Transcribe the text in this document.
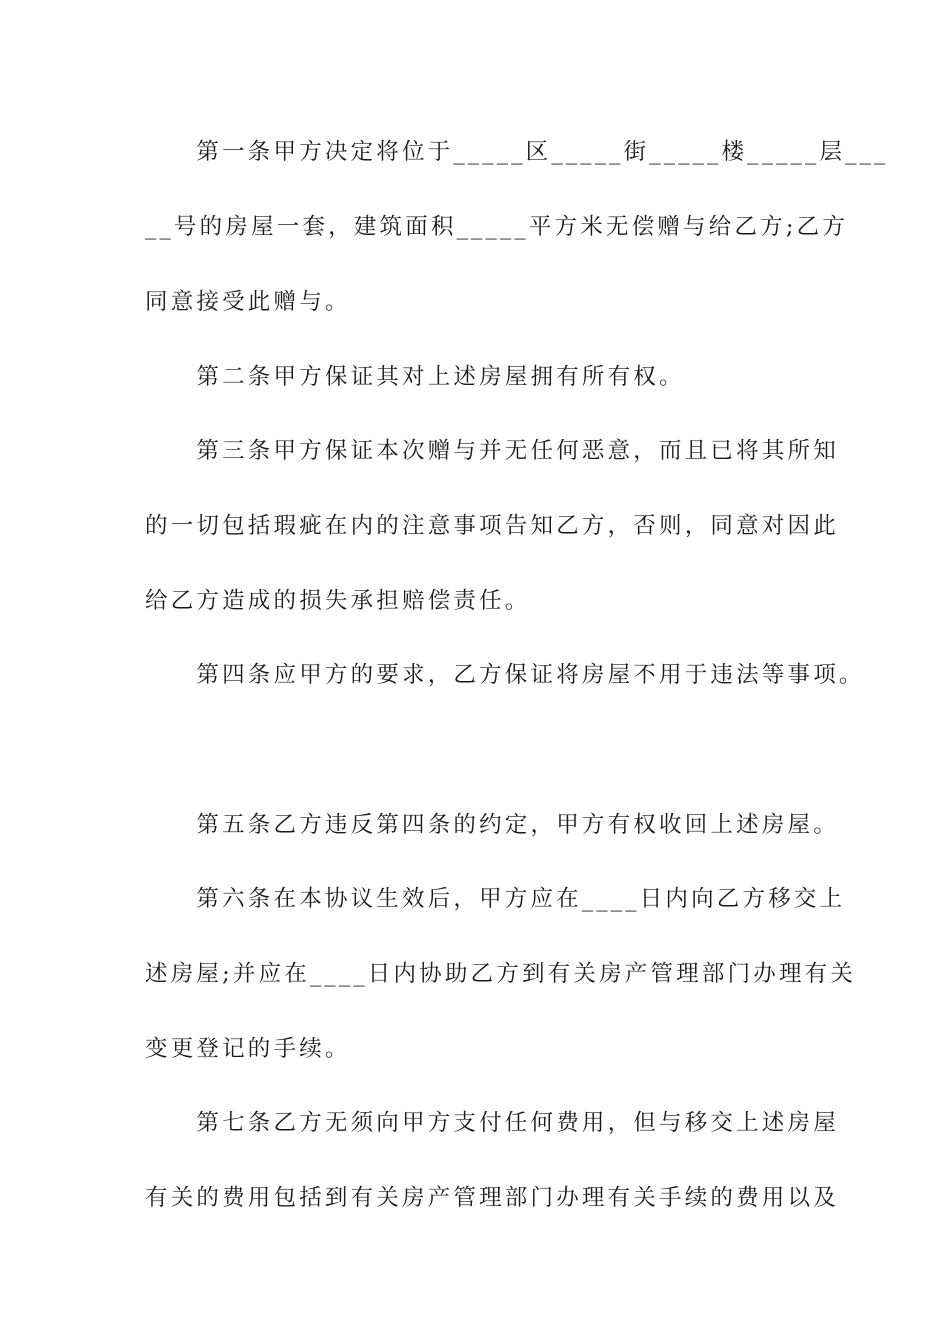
　　第一条甲方决定将位于_____区_____街_____楼_____层___
__号的房屋一套，建筑面积_____平方米无偿赠与给乙方;乙方
同意接受此赠与。
　　第二条甲方保证其对上述房屋拥有所有权。
　　第三条甲方保证本次赠与并无任何恶意，而且已将其所知
的一切包括瑕疵在内的注意事项告知乙方，否则，同意对因此
给乙方造成的损失承担赔偿责任。
　　第四条应甲方的要求，乙方保证将房屋不用于违法等事项。
　　第五条乙方违反第四条的约定，甲方有权收回上述房屋。
　　第六条在本协议生效后，甲方应在____日内向乙方移交上
述房屋;并应在____日内协助乙方到有关房产管理部门办理有关
变更登记的手续。
　　第七条乙方无须向甲方支付任何费用，但与移交上述房屋
有关的费用包括到有关房产管理部门办理有关手续的费用以及
